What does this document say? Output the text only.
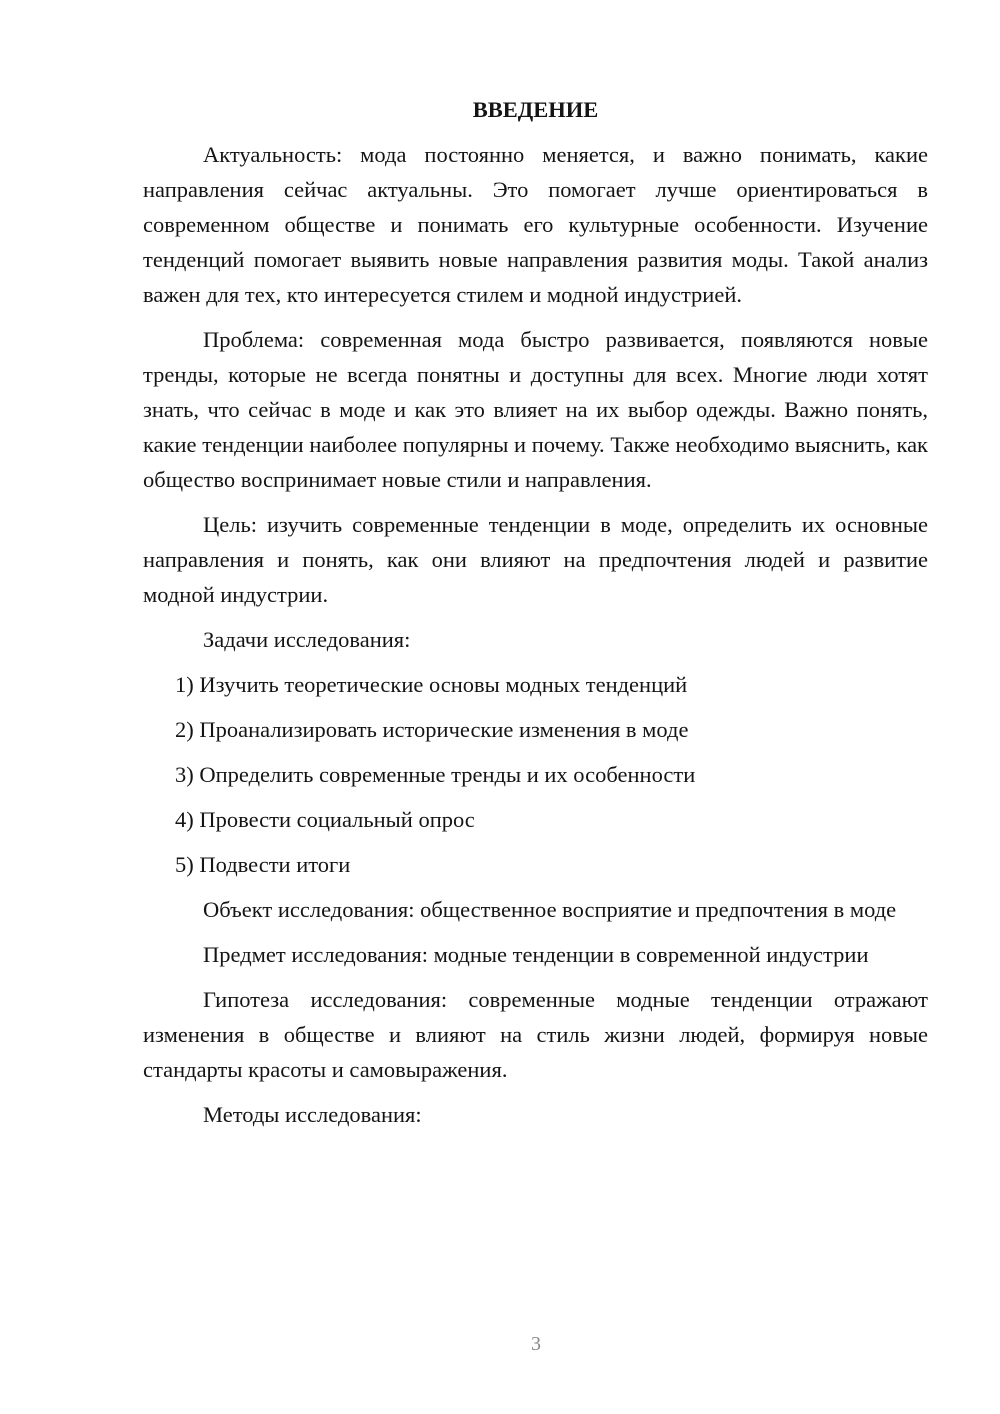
ВВЕДЕНИЕ

Актуальность: мода постоянно меняется, и важно понимать, какие направления сейчас актуальны. Это помогает лучше ориентироваться в современном обществе и понимать его культурные особенности. Изучение тенденций помогает выявить новые направления развития моды. Такой анализ важен для тех, кто интересуется стилем и модной индустрией.

Проблема: современная мода быстро развивается, появляются новые тренды, которые не всегда понятны и доступны для всех. Многие люди хотят знать, что сейчас в моде и как это влияет на их выбор одежды. Важно понять, какие тенденции наиболее популярны и почему. Также необходимо выяснить, как общество воспринимает новые стили и направления.

Цель: изучить современные тенденции в моде, определить их основные направления и понять, как они влияют на предпочтения людей и развитие модной индустрии.

Задачи исследования:

1) Изучить теоретические основы модных тенденций
2) Проанализировать исторические изменения в моде
3) Определить современные тренды и их особенности
4) Провести социальный опрос
5) Подвести итоги

Объект исследования: общественное восприятие и предпочтения в моде

Предмет исследования: модные тенденции в современной индустрии

Гипотеза исследования: современные модные тенденции отражают изменения в обществе и влияют на стиль жизни людей, формируя новые стандарты красоты и самовыражения.

Методы исследования:

3
